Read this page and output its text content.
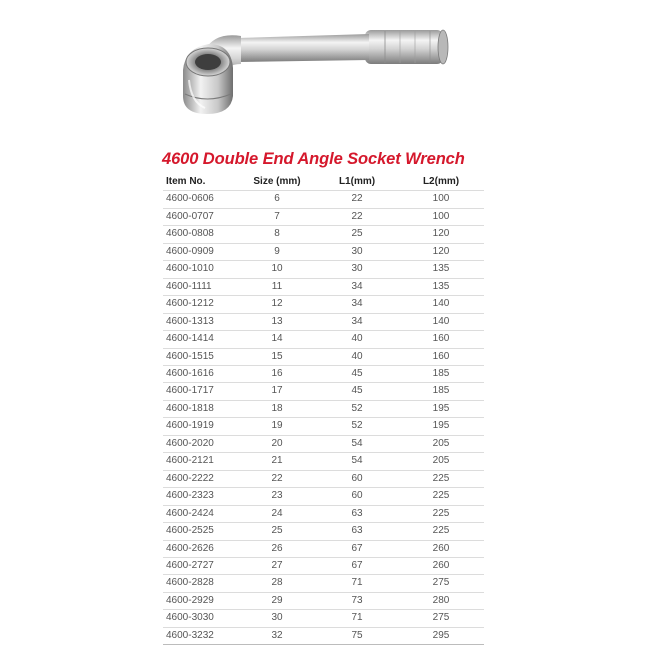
4600 Double End Angle Socket Wrench
Item No.	Size (mm)	L1(mm)	L2(mm)
4600-0606	6	22	100
4600-0707	7	22	100
4600-0808	8	25	120
4600-0909	9	30	120
4600-1010	10	30	135
4600-1111	11	34	135
4600-1212	12	34	140
4600-1313	13	34	140
4600-1414	14	40	160
4600-1515	15	40	160
4600-1616	16	45	185
4600-1717	17	45	185
4600-1818	18	52	195
4600-1919	19	52	195
4600-2020	20	54	205
4600-2121	21	54	205
4600-2222	22	60	225
4600-2323	23	60	225
4600-2424	24	63	225
4600-2525	25	63	225
4600-2626	26	67	260
4600-2727	27	67	260
4600-2828	28	71	275
4600-2929	29	73	280
4600-3030	30	71	275
4600-3232	32	75	295
